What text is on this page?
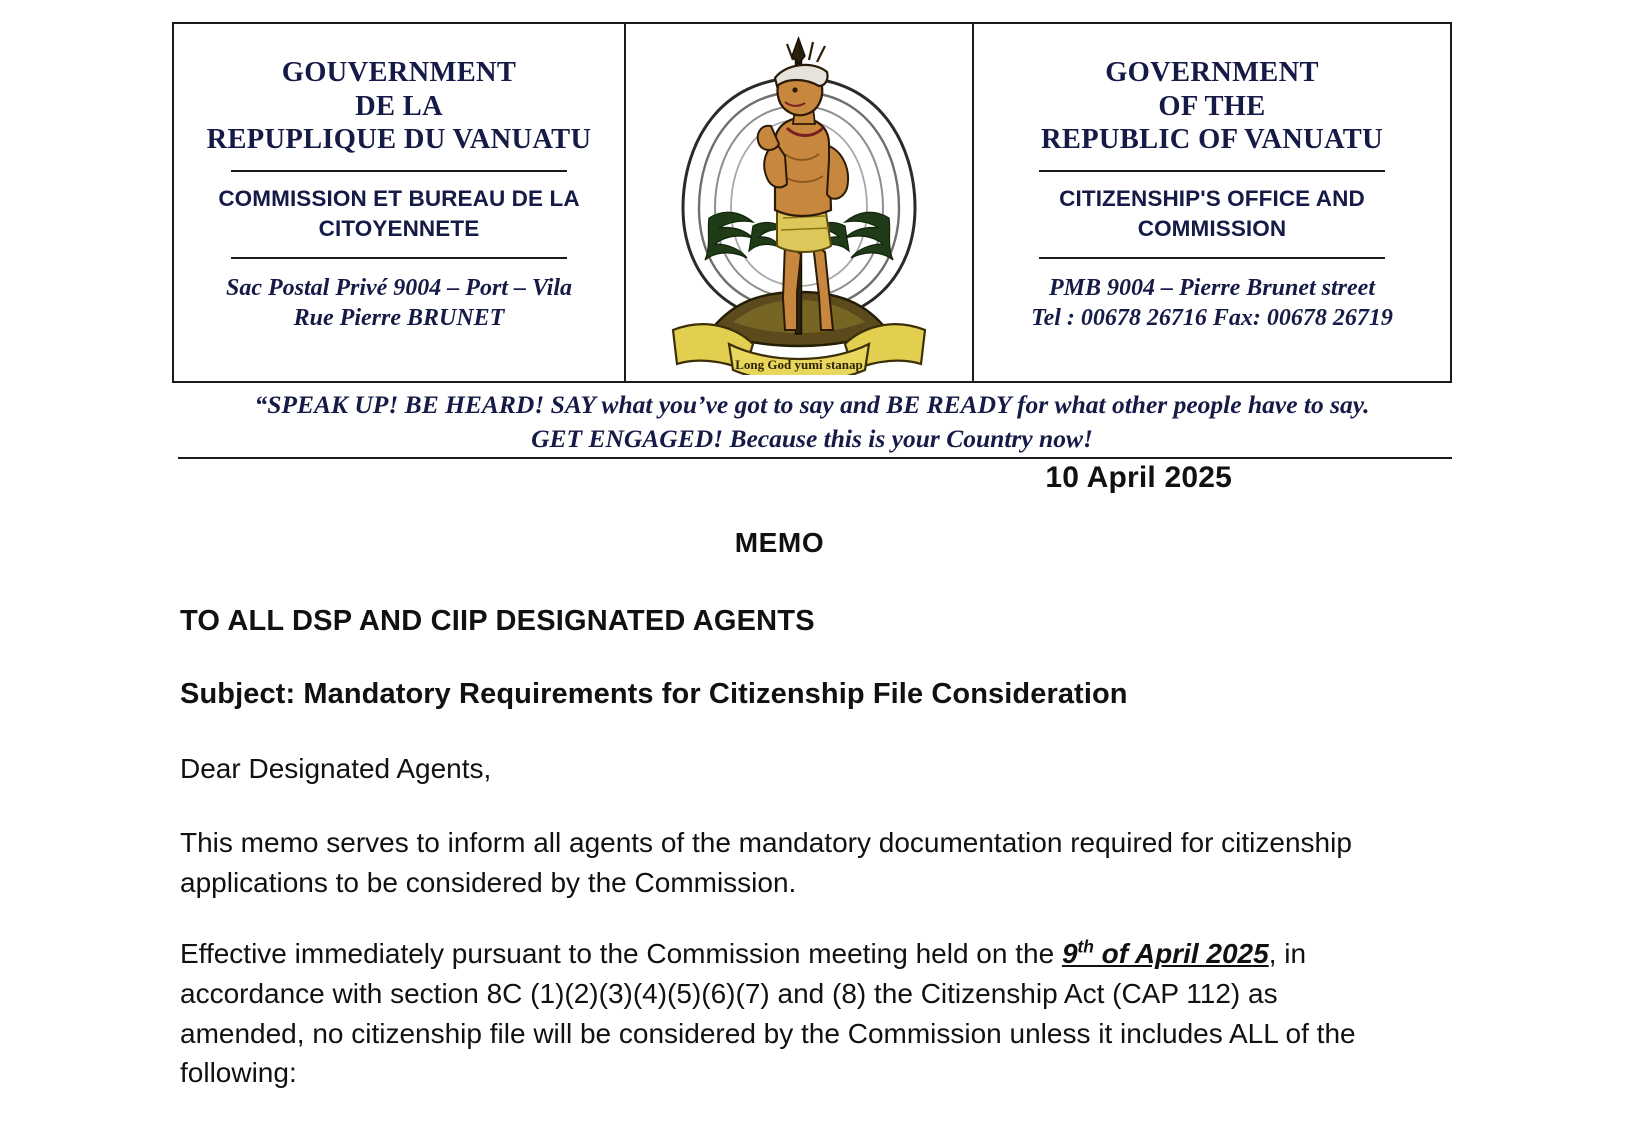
GOUVERNMENT
DE LA
REPUPLIQUE DU VANUATU
COMMISSION ET BUREAU DE LA
CITOYENNETE
Sac Postal Privé 9004 – Port – Vila
Rue Pierre BRUNET
Long God yumi stanap
GOVERNMENT
OF THE
REPUBLIC OF VANUATU
CITIZENSHIP'S OFFICE AND
COMMISSION
PMB 9004 – Pierre Brunet street
Tel : 00678 26716 Fax: 00678 26719
“SPEAK UP! BE HEARD! SAY what you’ve got to say and BE READY for what other people have to say.
GET ENGAGED! Because this is your Country now!
10 April 2025
MEMO
TO ALL DSP AND CIIP DESIGNATED AGENTS
Subject: Mandatory Requirements for Citizenship File Consideration
Dear Designated Agents,
This memo serves to inform all agents of the mandatory documentation required for citizenship applications to be considered by the Commission.
Effective immediately pursuant to the Commission meeting held on the 9th of April 2025, in accordance with section 8C (1)(2)(3)(4)(5)(6)(7) and (8) the Citizenship Act (CAP 112) as amended, no citizenship file will be considered by the Commission unless it includes ALL of the following:
